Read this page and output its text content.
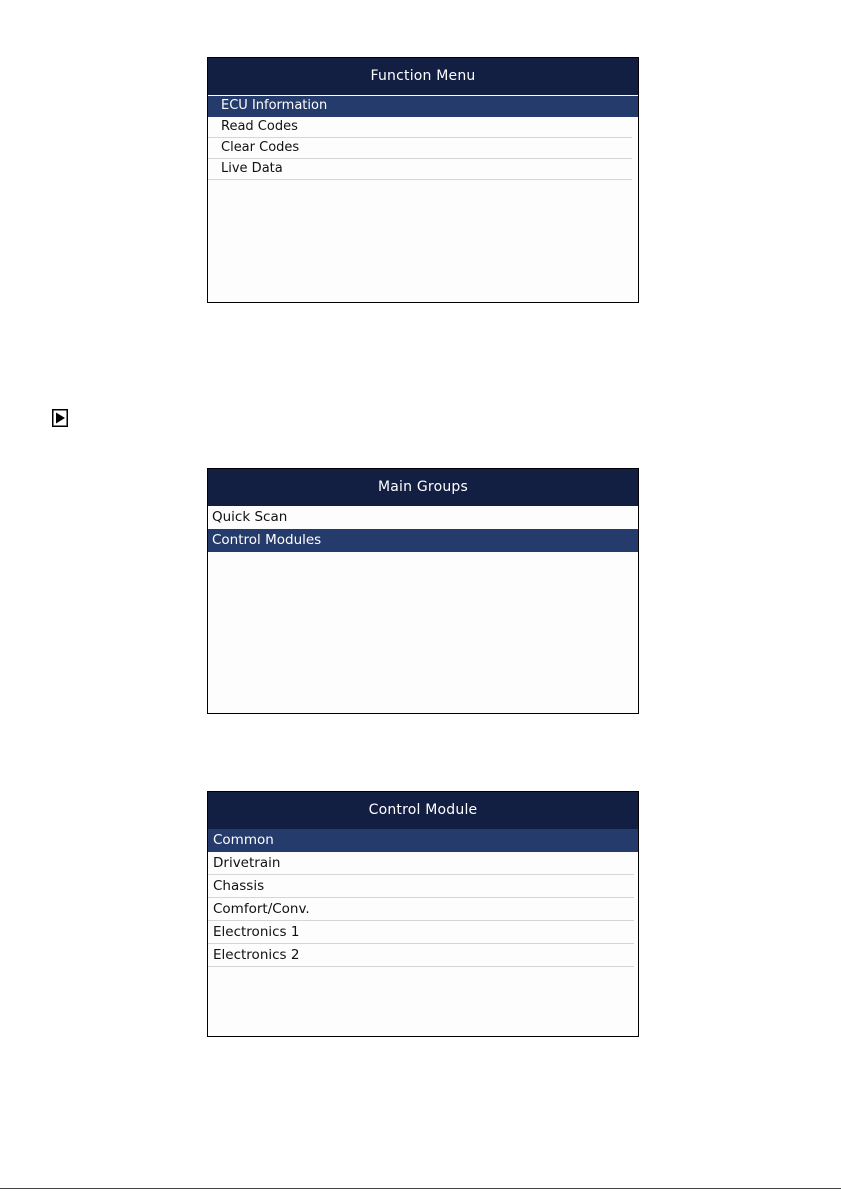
Function Menu
ECU Information
Read Codes
Clear Codes
Live Data
Main Groups
Quick Scan
Control Modules
Control Module
Common
Drivetrain
Chassis
Comfort/Conv.
Electronics 1
Electronics 2
